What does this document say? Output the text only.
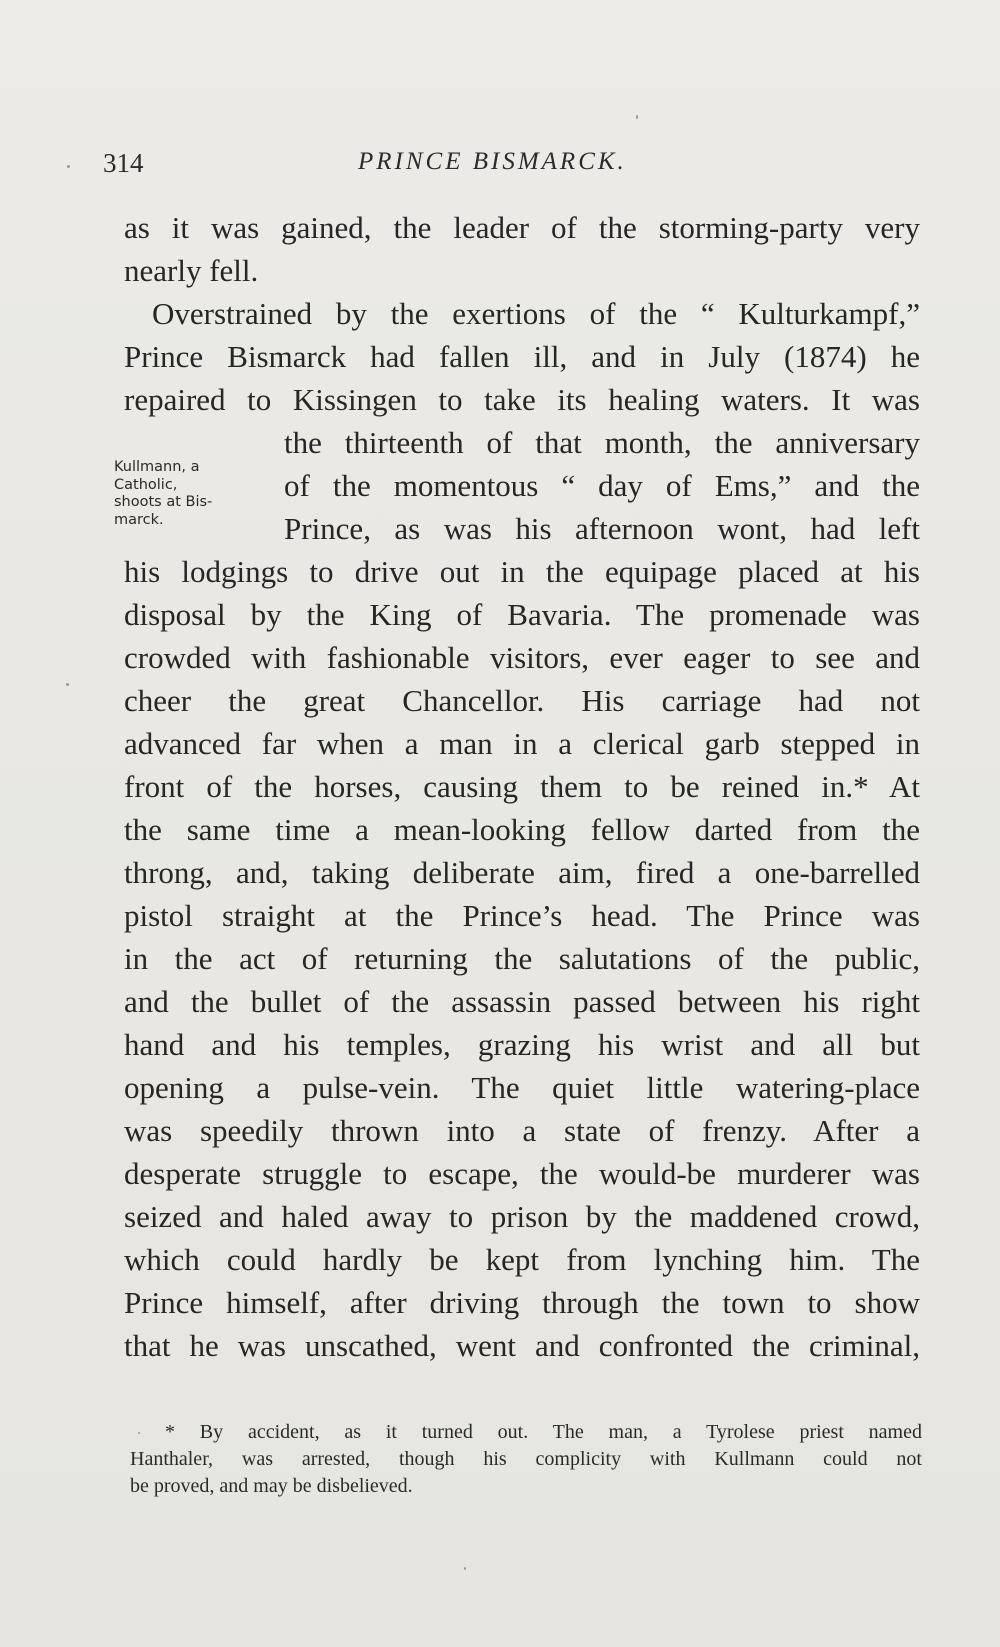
314	PRINCE BISMARCK.
as it was gained, the leader of the storming-party very
nearly fell.
Overstrained by the exertions of the “ Kulturkampf,”
Prince Bismarck had fallen ill, and in July (1874) he
repaired to Kissingen to take its healing waters. It was
the thirteenth of that month, the anniversary
of the momentous “ day of Ems,” and the
Prince, as was his afternoon wont, had left
his lodgings to drive out in the equipage placed at his
disposal by the King of Bavaria. The promenade was
crowded with fashionable visitors, ever eager to see and
cheer the great Chancellor. His carriage had not
advanced far when a man in a clerical garb stepped in
front of the horses, causing them to be reined in.* At
the same time a mean-looking fellow darted from the
throng, and, taking deliberate aim, fired a one-barrelled
pistol straight at the Prince’s head. The Prince was
in the act of returning the salutations of the public,
and the bullet of the assassin passed between his right
hand and his temples, grazing his wrist and all but
opening a pulse-vein. The quiet little watering-place
was speedily thrown into a state of frenzy. After a
desperate struggle to escape, the would-be murderer was
seized and haled away to prison by the maddened crowd,
which could hardly be kept from lynching him. The
Prince himself, after driving through the town to show
that he was unscathed, went and confronted the criminal,
Kullmann, a
Catholic,
shoots at Bis-
marck.
* By accident, as it turned out. The man, a Tyrolese priest named
Hanthaler, was arrested, though his complicity with Kullmann could not
be proved, and may be disbelieved.
